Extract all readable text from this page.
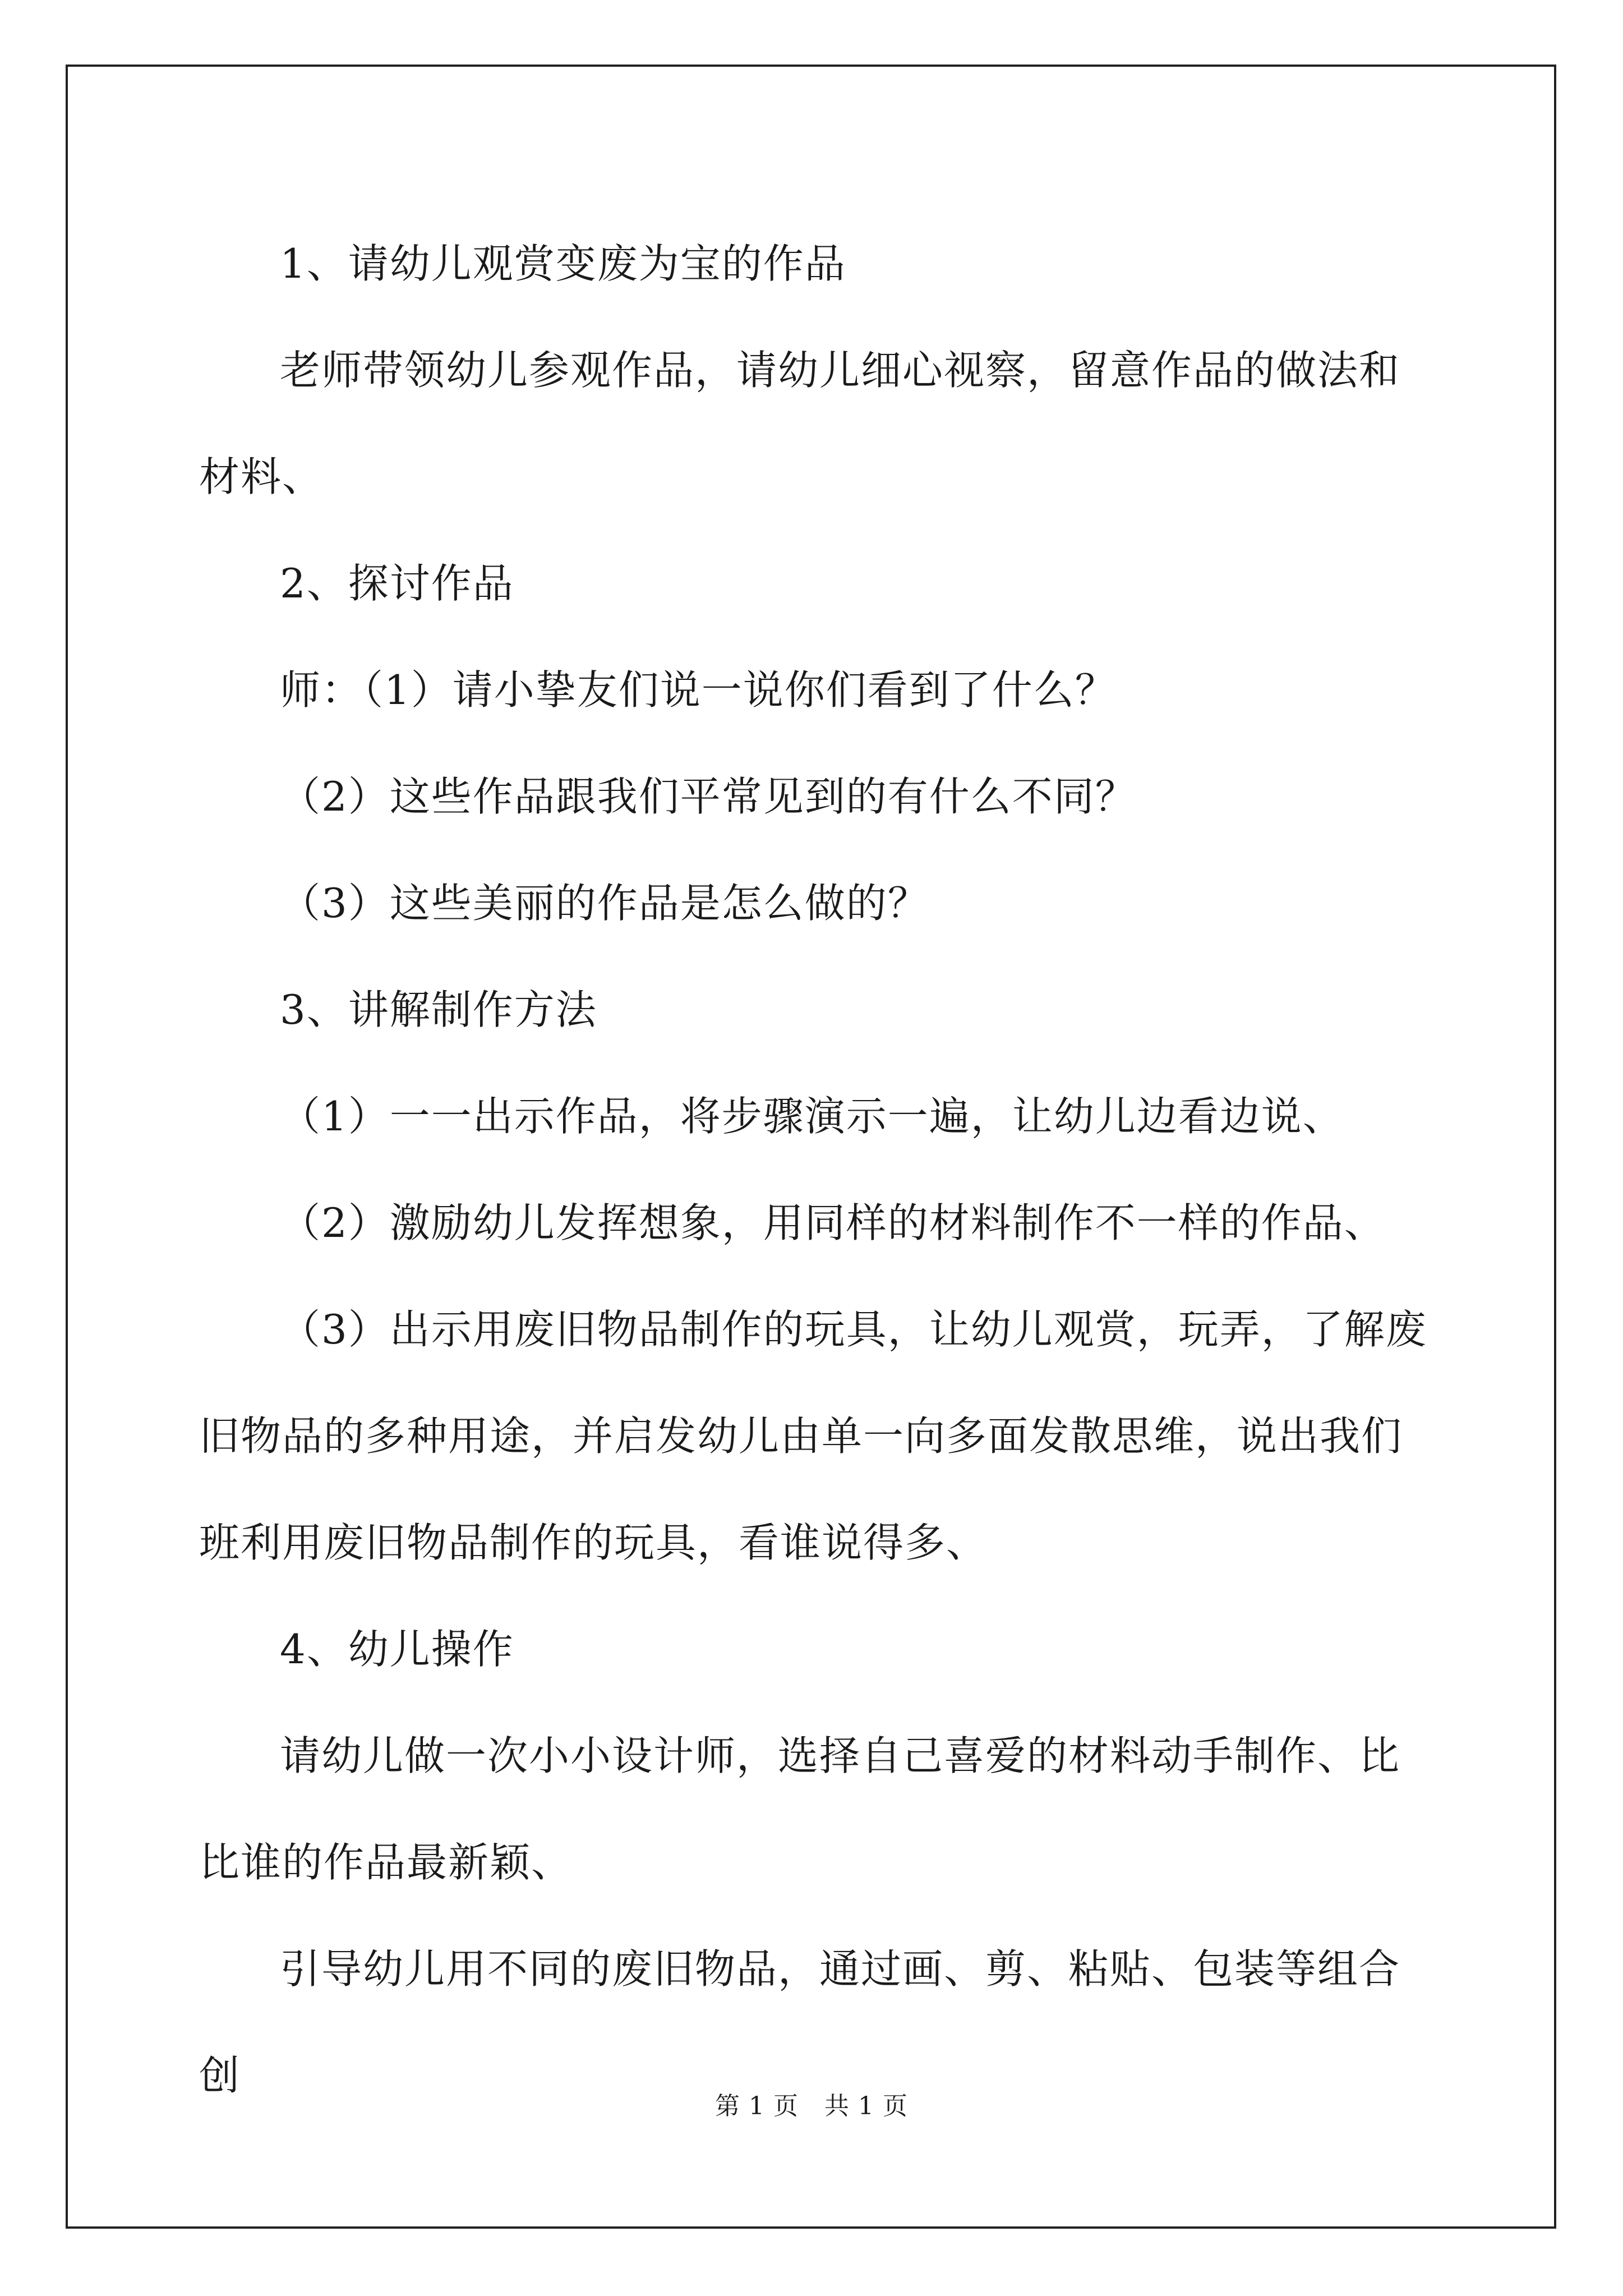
1、请幼儿观赏变废为宝的作品

老师带领幼儿参观作品，请幼儿细心视察，留意作品的做法和材料、

2、探讨作品

师：（1）请小挚友们说一说你们看到了什么？

（2）这些作品跟我们平常见到的有什么不同？

（3）这些美丽的作品是怎么做的？

3、讲解制作方法

（1）一一出示作品，将步骤演示一遍，让幼儿边看边说、

（2）激励幼儿发挥想象，用同样的材料制作不一样的作品、

（3）出示用废旧物品制作的玩具，让幼儿观赏，玩弄，了解废旧物品的多种用途，并启发幼儿由单一向多面发散思维，说出我们班利用废旧物品制作的玩具，看谁说得多、

4、幼儿操作

请幼儿做一次小小设计师，选择自己喜爱的材料动手制作、比比谁的作品最新颖、

引导幼儿用不同的废旧物品，通过画、剪、粘贴、包装等组合创

第 1 页 共 1 页
